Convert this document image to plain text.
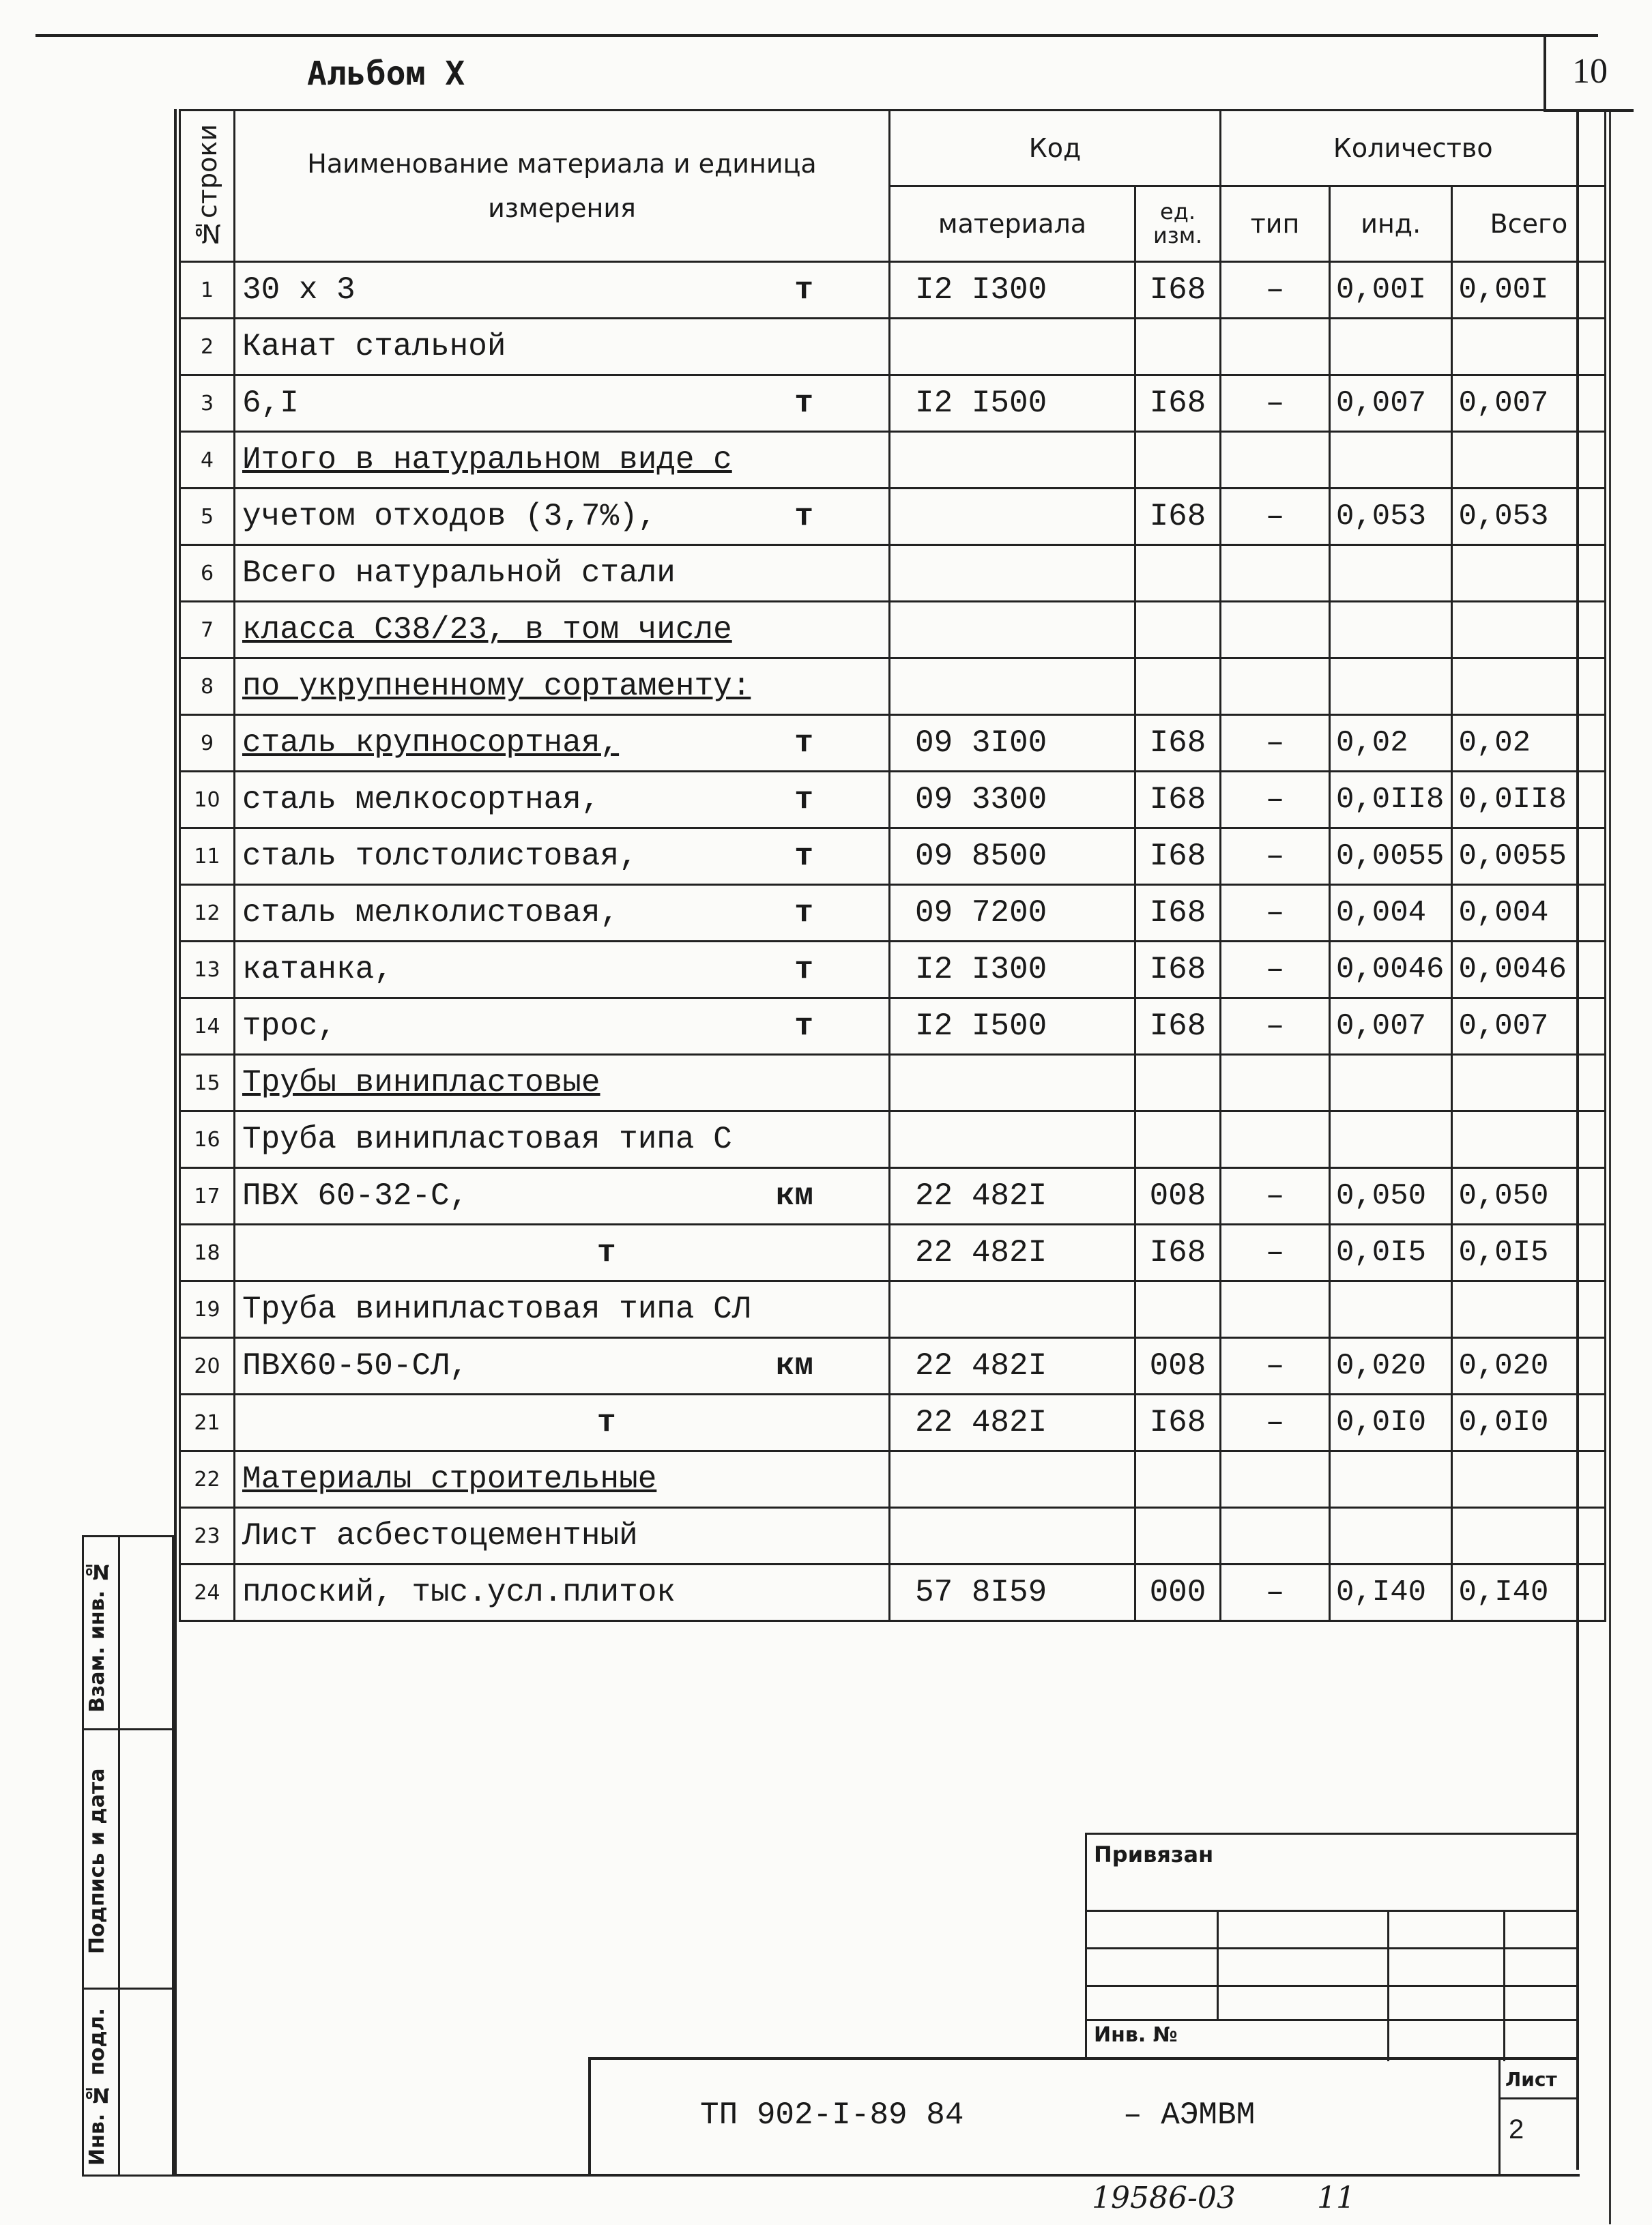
Альбом X	10
№строки	Наименование материала и единица измерения	Код		Количество		
		материала	ед. изм.	тип	инд.	Всего
1	30 х 3 т	I2 I300	I68	–	0,00I	0,00I
2	Канат стальной					
3	6,I т	I2 I500	I68	–	0,007	0,007
4	Итого в натуральном виде с					
5	учетом отходов (3,7%), т		I68	–	0,053	0,053
6	Всего натуральной стали					
7	класса С38/23, в том числе					
8	по укрупненному сортаменту:					
9	сталь крупносортная, т	09 3I00	I68	–	0,02	0,02
10	сталь мелкосортная, т	09 3300	I68	–	0,0II8	0,0II8
11	сталь толстолистовая, т	09 8500	I68	–	0,0055	0,0055
12	сталь мелколистовая, т	09 7200	I68	–	0,004	0,004
13	катанка, т	I2 I300	I68	–	0,0046	0,0046
14	трос, т	I2 I500	I68	–	0,007	0,007
15	Трубы винипластовые					
16	Труба винипластовая типа С					
17	ПВХ 60-32-С, км	22 482I	008	–	0,050	0,050
18	т	22 482I	I68	–	0,0I5	0,0I5
19	Труба винипластовая типа СЛ					
20	ПВХ60-50-СЛ, км	22 482I	008	–	0,020	0,020
21	т	22 482I	I68	–	0,0I0	0,0I0
22	Материалы строительные					
23	Лист асбестоцементный					
24	плоский, тыс.усл.плиток	57 8I59	000	–	0,I40	0,I40
Взам. инв. №
Подпись и дата
Инв. № подл.
Привязан
Инв. №
ТП 902-I-89 84	– АЭМВМ
Лист
2
19586-03	11
